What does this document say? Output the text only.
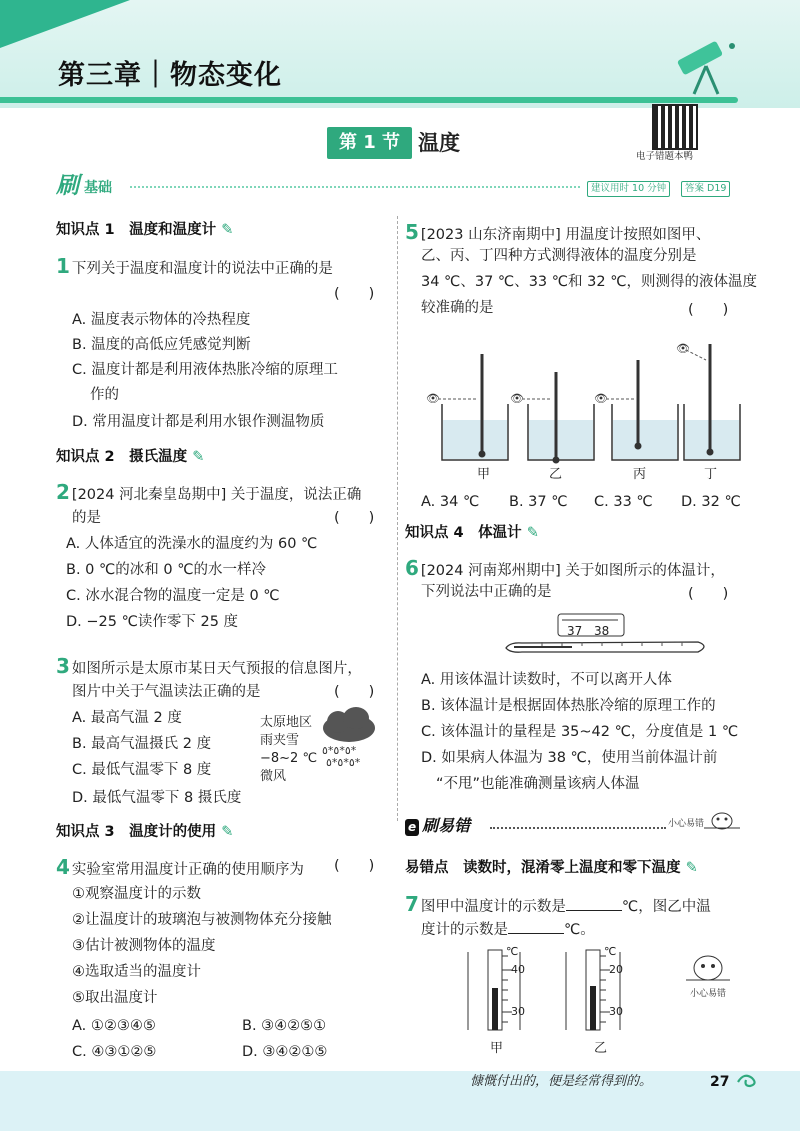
第三章｜物态变化
第 1 节 温度
电子错题本鸭
刷 基础	建议用时 10 分钟	答案 D19
知识点 1　温度和温度计 ✎
1 下列关于温度和温度计的说法中正确的是
(　　)
A. 温度表示物体的冷热程度
B. 温度的高低应凭感觉判断
C. 温度计都是利用液体热胀冷缩的原理工
作的
D. 常用温度计都是利用水银作测温物质
知识点 2　摄氏温度 ✎
2 [2024 河北秦皇岛期中] 关于温度，说法正确
的是	(　　)
A. 人体适宜的洗澡水的温度约为 60 ℃
B. 0 ℃的冰和 0 ℃的水一样冷
C. 冰水混合物的温度一定是 0 ℃
D. −25 ℃读作零下 25 度
3 如图所示是太原市某日天气预报的信息图片，
图片中关于气温读法正确的是	(　　)
A. 最高气温 2 度
B. 最高气温摄氏 2 度
C. 最低气温零下 8 度
D. 最低气温零下 8 摄氏度
太原地区
雨夹雪
−8~2 ℃
微风
٥*٥*٥*
٥*٥*٥*
知识点 3　温度计的使用 ✎
4 实验室常用温度计正确的使用顺序为 (　　)
①观察温度计的示数
②让温度计的玻璃泡与被测物体充分接触
③估计被测物体的温度
④选取适当的温度计
⑤取出温度计
A. ①②③④⑤	B. ③④②⑤①
C. ④③①②⑤	D. ③④②①⑤
5 [2023 山东济南期中] 用温度计按照如图甲、
乙、丙、丁四种方式测得液体的温度分别是
34 ℃、37 ℃、33 ℃和 32 ℃，则测得的液体温度
较准确的是	(　　)
👁	👁	👁
👁
甲	乙	丙	丁
A. 34 ℃ B. 37 ℃ C. 33 ℃ D. 32 ℃
知识点 4　体温计 ✎
6 [2024 河南郑州期中] 关于如图所示的体温计，
下列说法中正确的是	(　　)
37 38
A. 用该体温计读数时，不可以离开人体
B. 该体温计是根据固体热胀冷缩的原理工作的
C. 该体温计的量程是 35~42 ℃，分度值是 1 ℃
D. 如果病人体温为 38 ℃，使用当前体温计前
“不甩”也能准确测量该病人体温
e 刷易错	小心易错
易错点　读数时，混淆零上温度和零下温度 ✎
7 图甲中温度计的示数是	℃，图乙中温
度计的示数是	℃。
℃
40
30
℃
20
30
甲	乙
小心易错
慷慨付出的，便是经常得到的。	27
